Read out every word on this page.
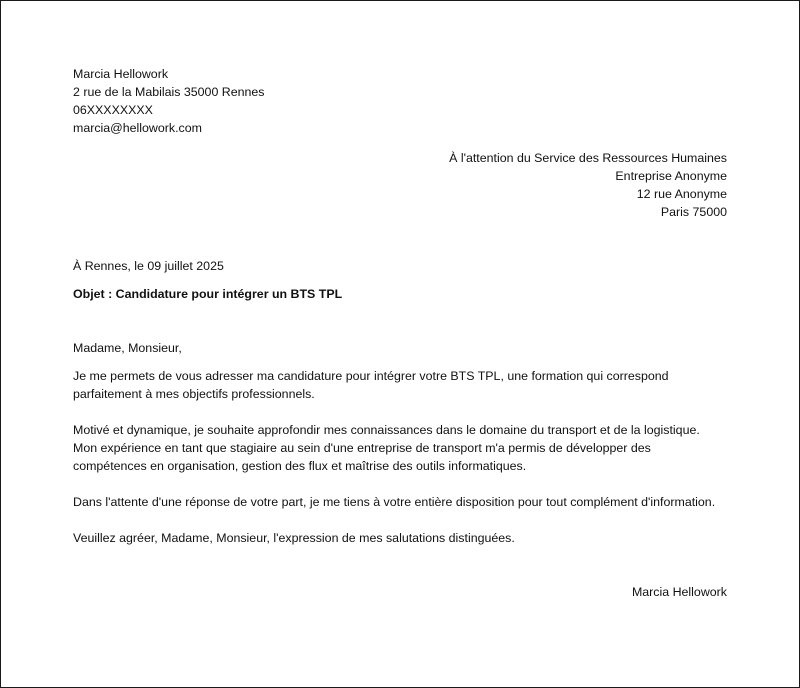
Marcia Hellowork
2 rue de la Mabilais 35000 Rennes
06XXXXXXXX
marcia@hellowork.com
À l'attention du Service des Ressources Humaines
Entreprise Anonyme
12 rue Anonyme
Paris 75000
À Rennes, le 09 juillet 2025
Objet : Candidature pour intégrer un BTS TPL
Madame, Monsieur,
Je me permets de vous adresser ma candidature pour intégrer votre BTS TPL, une formation qui correspond parfaitement à mes objectifs professionnels.
Motivé et dynamique, je souhaite approfondir mes connaissances dans le domaine du transport et de la logistique. Mon expérience en tant que stagiaire au sein d'une entreprise de transport m'a permis de développer des compétences en organisation, gestion des flux et maîtrise des outils informatiques.
Dans l'attente d'une réponse de votre part, je me tiens à votre entière disposition pour tout complément d'information.
Veuillez agréer, Madame, Monsieur, l'expression de mes salutations distinguées.
Marcia Hellowork
